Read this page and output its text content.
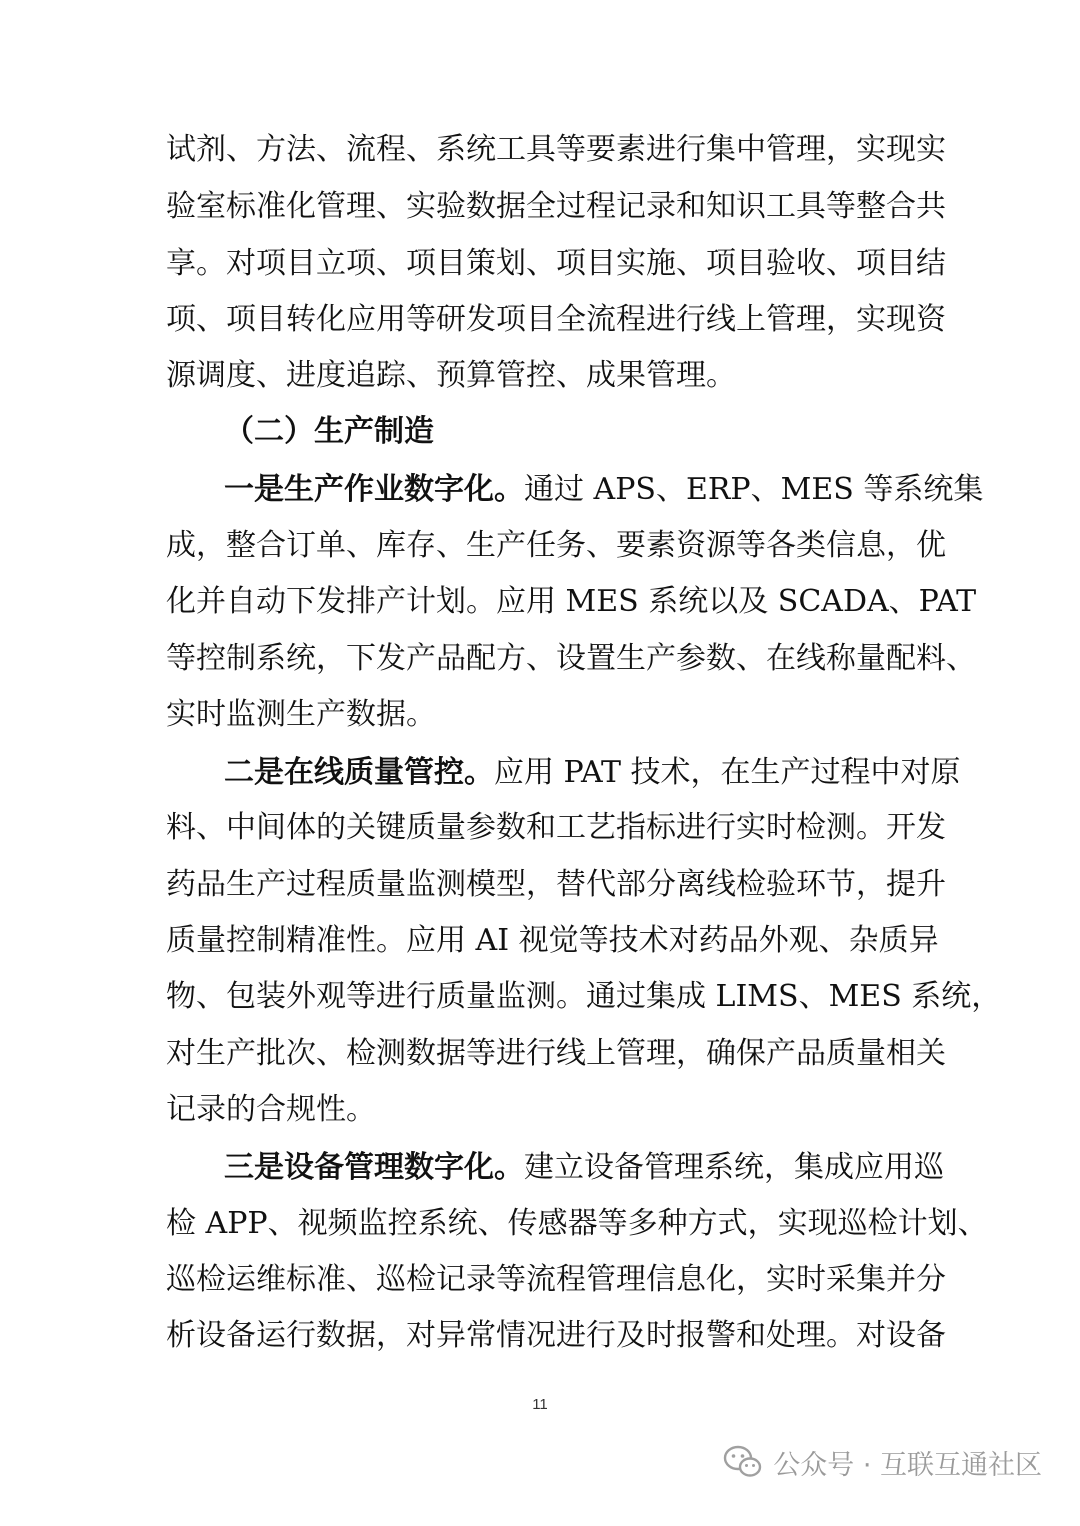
试剂、方法、流程、系统工具等要素进行集中管理，实现实
验室标准化管理、实验数据全过程记录和知识工具等整合共
享。对项目立项、项目策划、项目实施、项目验收、项目结
项、项目转化应用等研发项目全流程进行线上管理，实现资
源调度、进度追踪、预算管控、成果管理。
（二）生产制造
一是生产作业数字化。通过 APS、ERP、MES 等系统集
成，整合订单、库存、生产任务、要素资源等各类信息，优
化并自动下发排产计划。应用 MES 系统以及 SCADA、PAT
等控制系统，下发产品配方、设置生产参数、在线称量配料、
实时监测生产数据。
二是在线质量管控。应用 PAT 技术，在生产过程中对原
料、中间体的关键质量参数和工艺指标进行实时检测。开发
药品生产过程质量监测模型，替代部分离线检验环节，提升
质量控制精准性。应用 AI 视觉等技术对药品外观、杂质异
物、包装外观等进行质量监测。通过集成 LIMS、MES 系统，
对生产批次、检测数据等进行线上管理，确保产品质量相关
记录的合规性。
三是设备管理数字化。建立设备管理系统，集成应用巡
检 APP、视频监控系统、传感器等多种方式，实现巡检计划、
巡检运维标准、巡检记录等流程管理信息化，实时采集并分
析设备运行数据，对异常情况进行及时报警和处理。对设备
11
公众号 · 互联互通社区
